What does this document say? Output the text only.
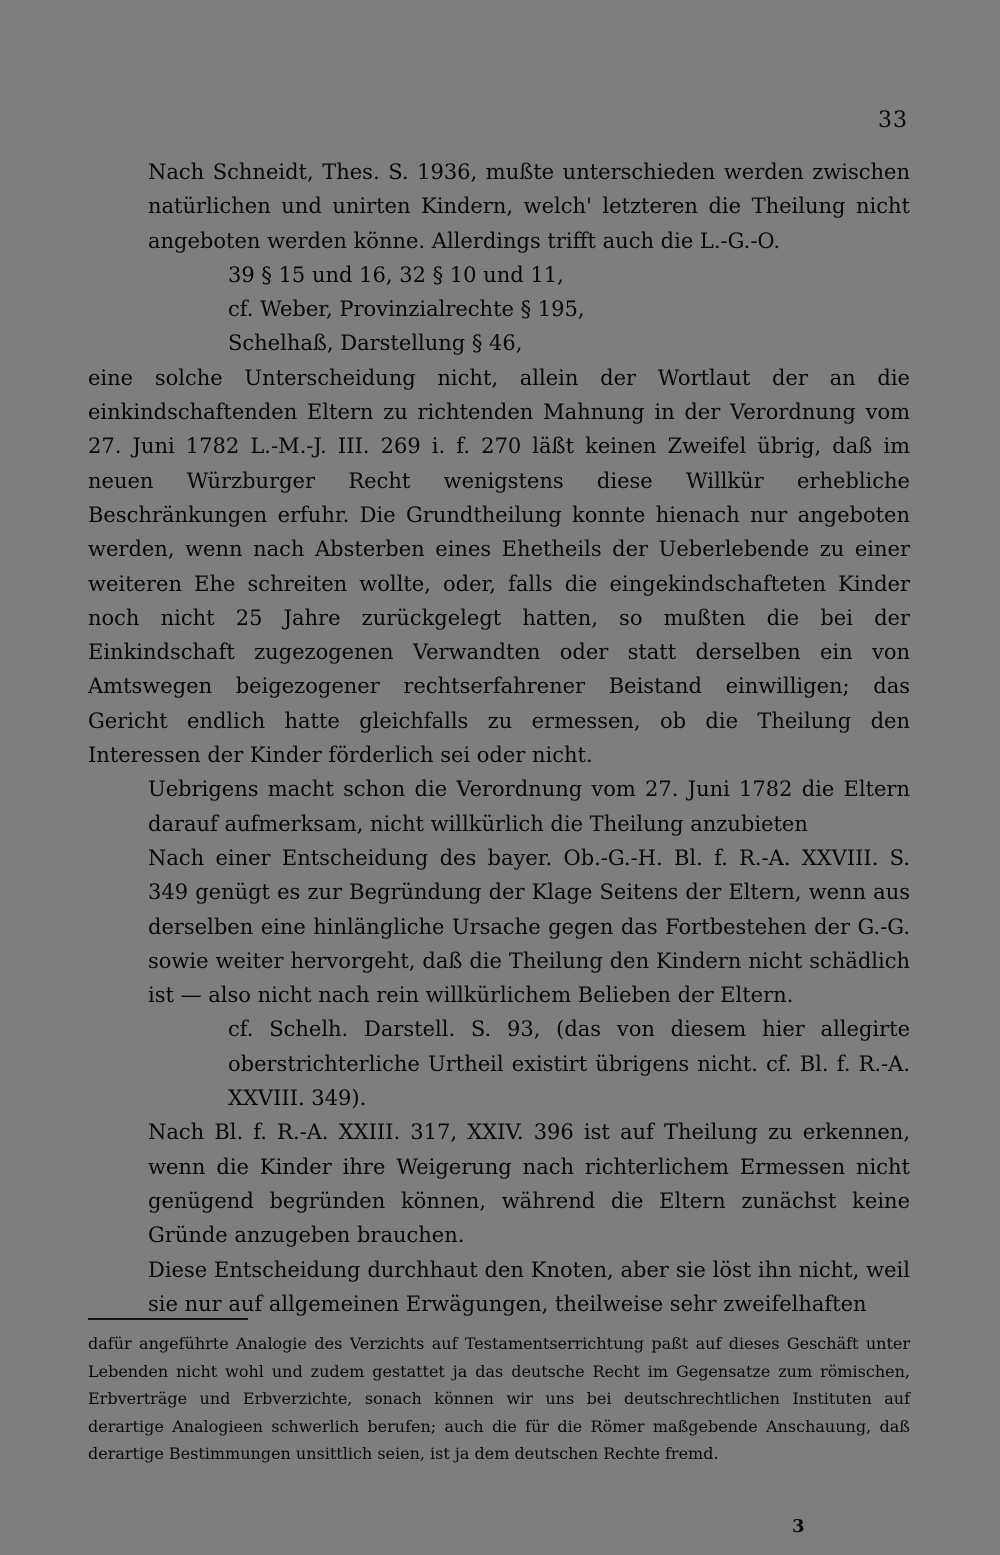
33
Nach Schneidt, Thes. S. 1936, mußte unterschieden werden zwischen natürlichen und unirten Kindern, welch' letzteren die Theilung nicht angeboten werden könne. Allerdings trifft auch die L.-G.-O.
39 § 15 und 16, 32 § 10 und 11,
cf. Weber, Provinzialrechte § 195,
Schelhaß, Darstellung § 46,
eine solche Unterscheidung nicht, allein der Wortlaut der an die einkindschaftenden Eltern zu richtenden Mahnung in der Verordnung vom 27. Juni 1782 L.-M.-J. III. 269 i. f. 270 läßt keinen Zweifel übrig, daß im neuen Würzburger Recht wenigstens diese Willkür erhebliche Beschränkungen erfuhr. Die Grundtheilung konnte hienach nur angeboten werden, wenn nach Absterben eines Ehetheils der Ueberlebende zu einer weiteren Ehe schreiten wollte, oder, falls die eingekindschafteten Kinder noch nicht 25 Jahre zurückgelegt hatten, so mußten die bei der Einkindschaft zugezogenen Verwandten oder statt derselben ein von Amtswegen beigezogener rechtserfahrener Beistand einwilligen; das Gericht endlich hatte gleichfalls zu ermessen, ob die Theilung den Interessen der Kinder förderlich sei oder nicht.
Uebrigens macht schon die Verordnung vom 27. Juni 1782 die Eltern darauf aufmerksam, nicht willkürlich die Theilung anzubieten
Nach einer Entscheidung des bayer. Ob.-G.-H. Bl. f. R.-A. XXVIII. S. 349 genügt es zur Begründung der Klage Seitens der Eltern, wenn aus derselben eine hinlängliche Ursache gegen das Fortbestehen der G.-G. sowie weiter hervorgeht, daß die Theilung den Kindern nicht schädlich ist — also nicht nach rein willkürlichem Belieben der Eltern.
cf. Schelh. Darstell. S. 93, (das von diesem hier allegirte oberstrichterliche Urtheil existirt übrigens nicht. cf. Bl. f. R.-A. XXVIII. 349).
Nach Bl. f. R.-A. XXIII. 317, XXIV. 396 ist auf Theilung zu erkennen, wenn die Kinder ihre Weigerung nach richterlichem Ermessen nicht genügend begründen können, während die Eltern zunächst keine Gründe anzugeben brauchen.
Diese Entscheidung durchhaut den Knoten, aber sie löst ihn nicht, weil sie nur auf allgemeinen Erwägungen, theilweise sehr zweifelhaften
dafür angeführte Analogie des Verzichts auf Testamentserrichtung paßt auf dieses Geschäft unter Lebenden nicht wohl und zudem gestattet ja das deutsche Recht im Gegensatze zum römischen, Erbverträge und Erbverzichte, sonach können wir uns bei deutschrechtlichen Instituten auf derartige Analogieen schwerlich berufen; auch die für die Römer maßgebende Anschauung, daß derartige Bestimmungen unsittlich seien, ist ja dem deutschen Rechte fremd.
3
